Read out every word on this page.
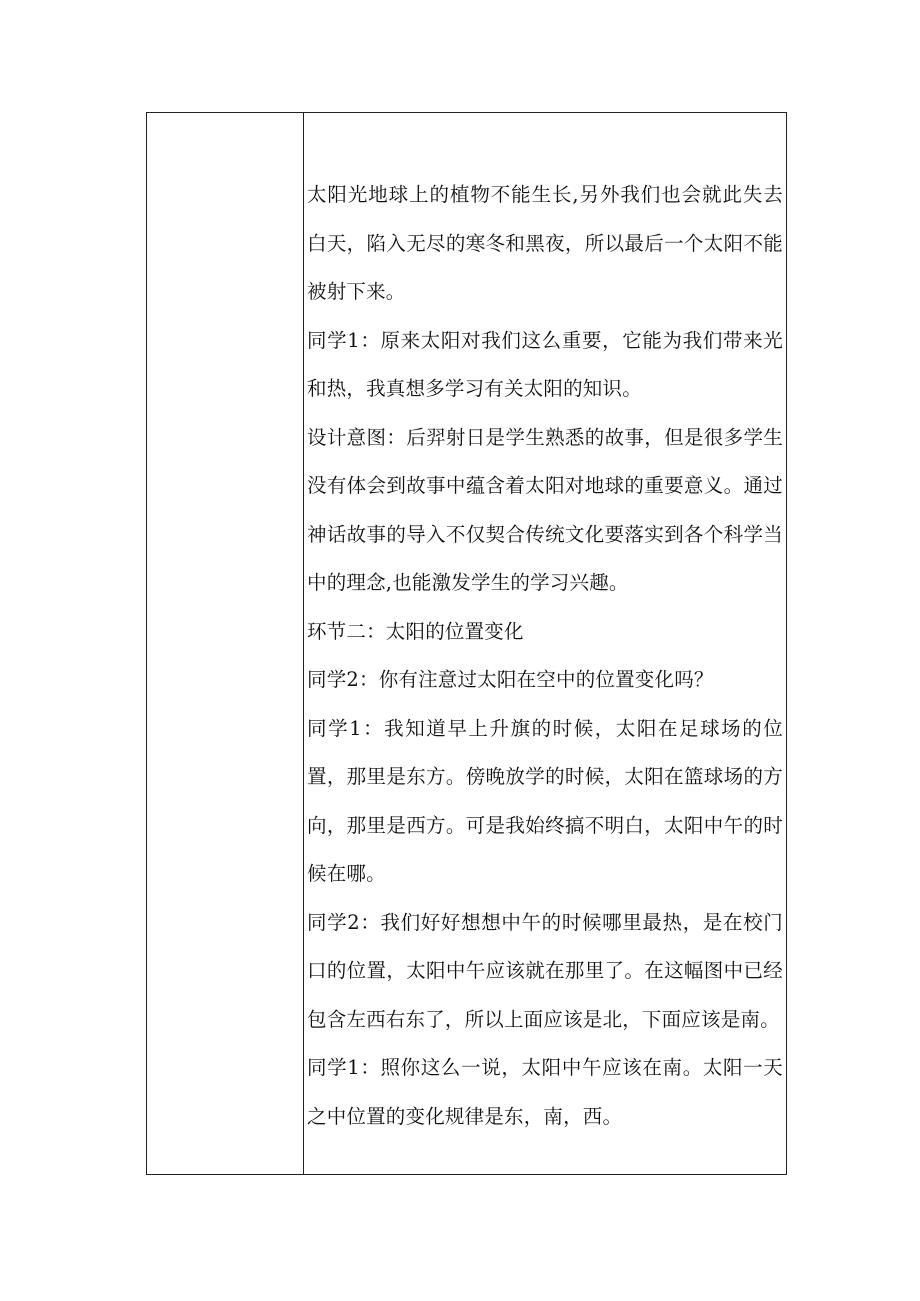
太阳光地球上的植物不能生长,另外我们也会就此失去白天，陷入无尽的寒冬和黑夜，所以最后一个太阳不能被射下来。

同学1：原来太阳对我们这么重要，它能为我们带来光和热，我真想多学习有关太阳的知识。

设计意图：后羿射日是学生熟悉的故事，但是很多学生没有体会到故事中蕴含着太阳对地球的重要意义。通过神话故事的导入不仅契合传统文化要落实到各个科学当中的理念,也能激发学生的学习兴趣。

环节二：太阳的位置变化

同学2：你有注意过太阳在空中的位置变化吗？

同学1：我知道早上升旗的时候，太阳在足球场的位置，那里是东方。傍晚放学的时候，太阳在篮球场的方向，那里是西方。可是我始终搞不明白，太阳中午的时候在哪。

同学2：我们好好想想中午的时候哪里最热，是在校门口的位置，太阳中午应该就在那里了。在这幅图中已经包含左西右东了，所以上面应该是北，下面应该是南。

同学1：照你这么一说，太阳中午应该在南。太阳一天之中位置的变化规律是东，南，西。
